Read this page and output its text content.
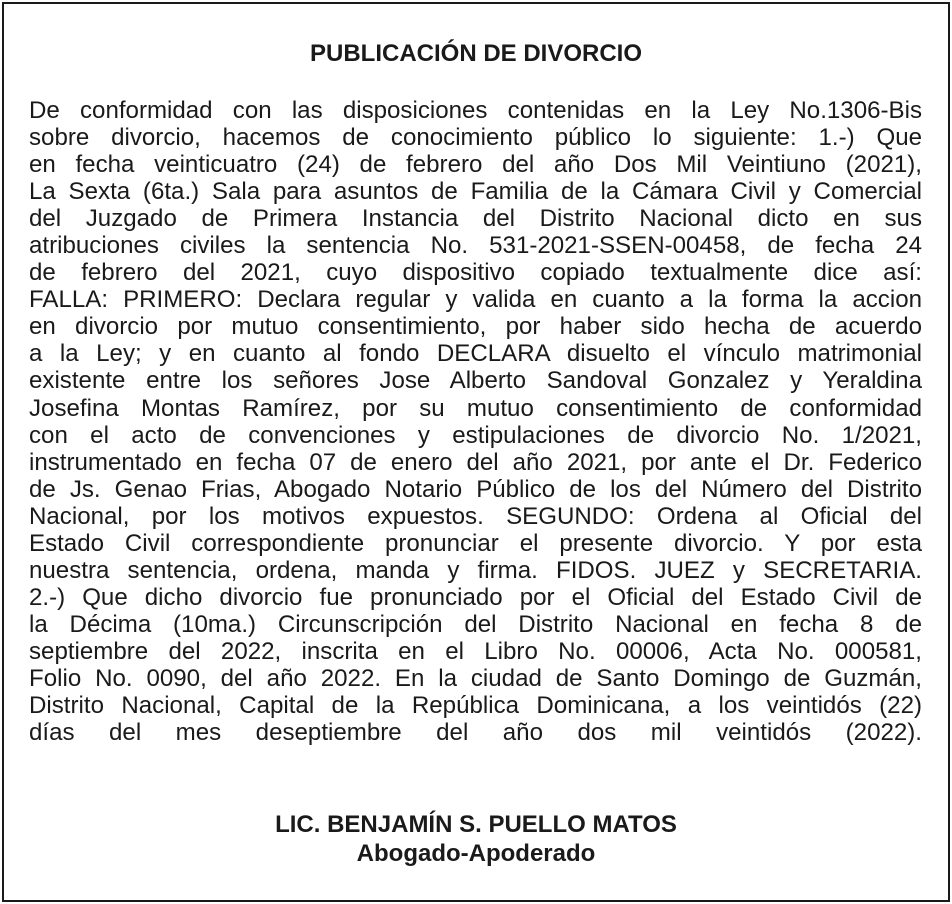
PUBLICACIÓN DE DIVORCIO
De conformidad con las disposiciones contenidas en la Ley No.1306-Bis
sobre divorcio, hacemos de conocimiento público lo siguiente: 1.-) Que
en fecha veinticuatro (24) de febrero del año Dos Mil Veintiuno (2021),
La Sexta (6ta.) Sala para asuntos de Familia de la Cámara Civil y Comercial
del Juzgado de Primera Instancia del Distrito Nacional dicto en sus
atribuciones civiles la sentencia No. 531-2021-SSEN-00458, de fecha 24
de febrero del 2021, cuyo dispositivo copiado textualmente dice así:
FALLA: PRIMERO: Declara regular y valida en cuanto a la forma la accion
en divorcio por mutuo consentimiento, por haber sido hecha de acuerdo
a la Ley; y en cuanto al fondo DECLARA disuelto el vínculo matrimonial
existente entre los señores Jose Alberto Sandoval Gonzalez y Yeraldina
Josefina Montas Ramírez, por su mutuo consentimiento de conformidad
con el acto de convenciones y estipulaciones de divorcio No. 1/2021,
instrumentado en fecha 07 de enero del año 2021, por ante el Dr. Federico
de Js. Genao Frias, Abogado Notario Público de los del Número del Distrito
Nacional, por los motivos expuestos. SEGUNDO: Ordena al Oficial del
Estado Civil correspondiente pronunciar el presente divorcio. Y por esta
nuestra sentencia, ordena, manda y firma. FIDOS. JUEZ y SECRETARIA.
2.-) Que dicho divorcio fue pronunciado por el Oficial del Estado Civil de
la Décima (10ma.) Circunscripción del Distrito Nacional en fecha 8 de
septiembre del 2022, inscrita en el Libro No. 00006, Acta No. 000581,
Folio No. 0090, del año 2022. En la ciudad de Santo Domingo de Guzmán,
Distrito Nacional, Capital de la República Dominicana, a los veintidós (22)
días del mes deseptiembre del año dos mil veintidós (2022).
LIC. BENJAMÍN S. PUELLO MATOS
Abogado-Apoderado
